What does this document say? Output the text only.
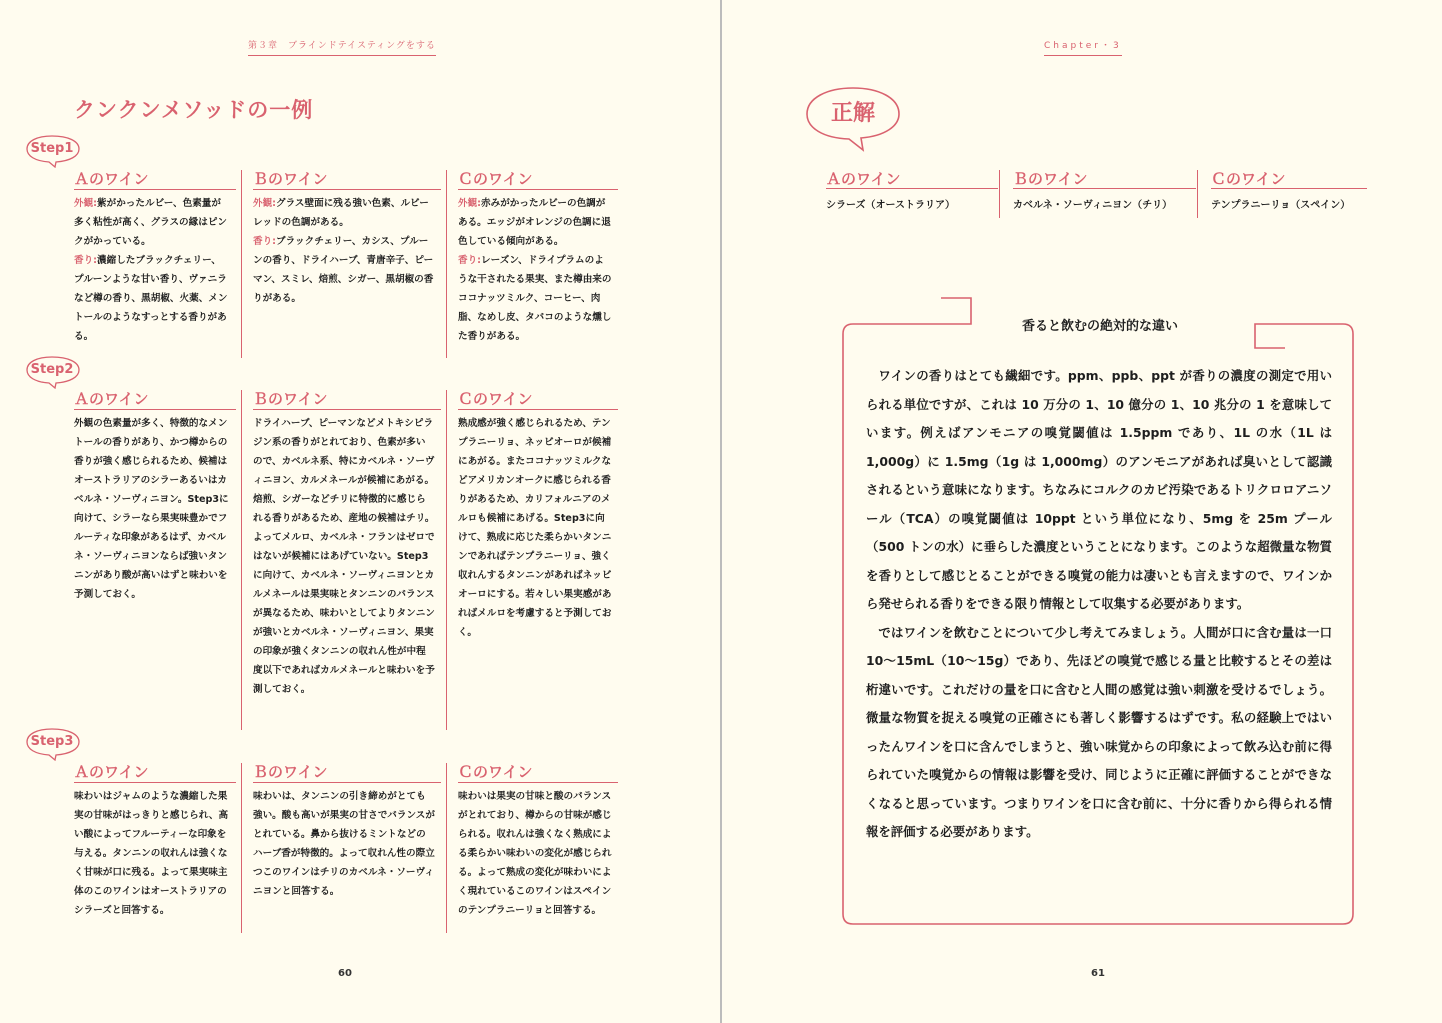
第３章　ブラインドテイスティングをする
クンクンメソッドの一例
Step1
Ａのワイン
外観:紫がかったルビー、色素量が多く粘性が高く、グラスの縁はピンクがかっている。
香り:濃縮したブラックチェリー、プルーンような甘い香り、ヴァニラなど樽の香り、黒胡椒、火薬、メントールのようなすっとする香りがある。
Ｂのワイン
外観:グラス壁面に残る強い色素、ルビーレッドの色調がある。
香り:ブラックチェリー、カシス、プルーンの香り、ドライハーブ、青唐辛子、ピーマン、スミレ、焙煎、シガー、黒胡椒の香りがある。
Ｃのワイン
外観:赤みがかったルビーの色調がある。エッジがオレンジの色調に退色している傾向がある。
香り:レーズン、ドライプラムのような干されたる果実、また樽由来のココナッツミルク、コーヒー、肉脂、なめし皮、タバコのような燻した香りがある。
Step2
Ａのワイン
外観の色素量が多く、特徴的なメントールの香りがあり、かつ樽からの香りが強く感じられるため、候補はオーストラリアのシラーあるいはカベルネ・ソーヴィニヨン。Step3に向けて、シラーなら果実味豊かでフルーティな印象があるはず、カベルネ・ソーヴィニヨンならば強いタンニンがあり酸が高いはずと味わいを予測しておく。
Ｂのワイン
ドライハーブ、ピーマンなどメトキシピラジン系の香りがとれており、色素が多いので、カベルネ系、特にカベルネ・ソーヴィニヨン、カルメネールが候補にあがる。焙煎、シガーなどチリに特徴的に感じられる香りがあるため、産地の候補はチリ。よってメルロ、カベルネ・フランはゼロではないが候補にはあげていない。Step3に向けて、カベルネ・ソーヴィニヨンとカルメネールは果実味とタンニンのバランスが異なるため、味わいとしてよりタンニンが強いとカベルネ・ソーヴィニヨン、果実の印象が強くタンニンの収れん性が中程度以下であればカルメネールと味わいを予測しておく。
Ｃのワイン
熟成感が強く感じられるため、テンプラニーリョ、ネッビオーロが候補にあがる。またココナッツミルクなどアメリカンオークに感じられる香りがあるため、カリフォルニアのメルロも候補にあげる。Step3に向けて、熟成に応じた柔らかいタンニンであればテンプラニーリョ、強く収れんするタンニンがあればネッビオーロにする。若々しい果実感があればメルロを考慮すると予測しておく。
Step3
Ａのワイン
味わいはジャムのような濃縮した果実の甘味がはっきりと感じられ、高い酸によってフルーティーな印象を与える。タンニンの収れんは強くなく甘味が口に残る。よって果実味主体のこのワインはオーストラリアのシラーズと回答する。
Ｂのワイン
味わいは、タンニンの引き締めがとても強い。酸も高いが果実の甘さでバランスがとれている。鼻から抜けるミントなどのハーブ香が特徴的。よって収れん性の際立つこのワインはチリのカベルネ・ソーヴィニヨンと回答する。
Ｃのワイン
味わいは果実の甘味と酸のバランスがとれており、樽からの甘味が感じられる。収れんは強くなく熟成による柔らかい味わいの変化が感じられる。よって熟成の変化が味わいによく現れているこのワインはスペインのテンプラニーリョと回答する。
60
Chapter・3
61
正解
Ａのワイン
シラーズ（オーストラリア）
Ｂのワイン
カベルネ・ソーヴィニヨン（チリ）
Ｃのワイン
テンプラニーリョ（スペイン）
香ると飲むの絶対的な違い

ワインの香りはとても繊細です。ppm、ppb、ppt が香りの濃度の測定で用いられる単位ですが、これは 10 万分の 1、10 億分の 1、10 兆分の 1 を意味しています。例えばアンモニアの嗅覚閾値は 1.5ppm であり、1L の水（1L は 1,000g）に 1.5mg（1g は 1,000mg）のアンモニアがあれば臭いとして認識されるという意味になります。ちなみにコルクのカビ汚染であるトリクロロアニソール（TCA）の嗅覚閾値は 10ppt という単位になり、5mg を 25m プール（500 トンの水）に垂らした濃度ということになります。このような超微量な物質を香りとして感じとることができる嗅覚の能力は凄いとも言えますので、ワインから発せられる香りをできる限り情報として収集する必要があります。

ではワインを飲むことについて少し考えてみましょう。人間が口に含む量は一口 10～15mL（10～15g）であり、先ほどの嗅覚で感じる量と比較するとその差は桁違いです。これだけの量を口に含むと人間の感覚は強い刺激を受けるでしょう。微量な物質を捉える嗅覚の正確さにも著しく影響するはずです。私の経験上ではいったんワインを口に含んでしまうと、強い味覚からの印象によって飲み込む前に得られていた嗅覚からの情報は影響を受け、同じように正確に評価することができなくなると思っています。つまりワインを口に含む前に、十分に香りから得られる情報を評価する必要があります。
